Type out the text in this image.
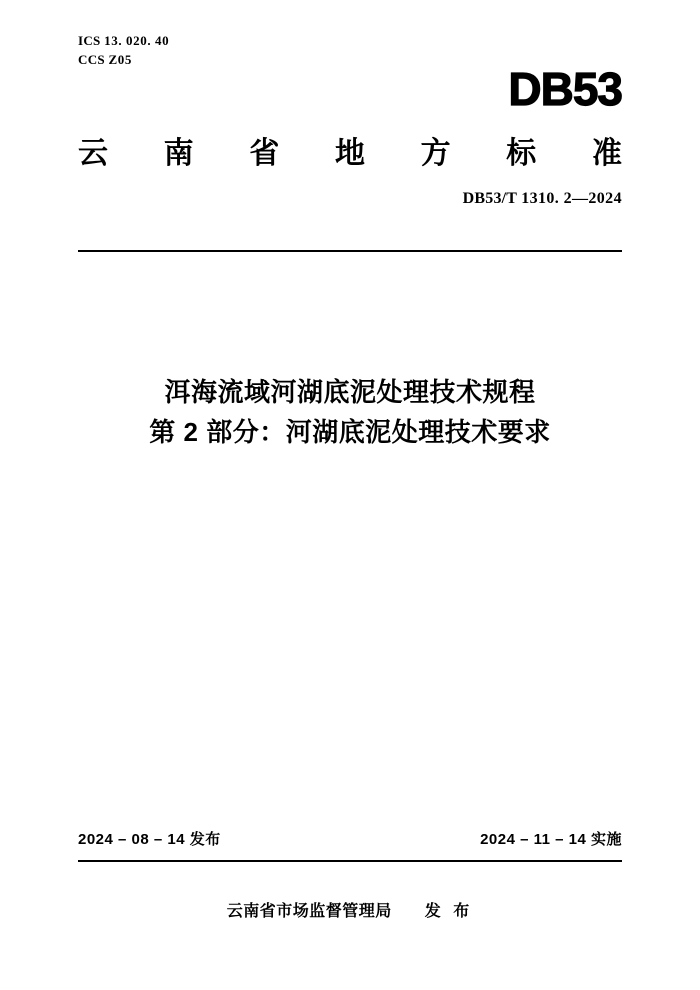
ICS 13. 020. 40
CCS Z05
DB53
云 南 省 地 方 标 准
DB53/T 1310. 2—2024
洱海流域河湖底泥处理技术规程
第 2 部分：河湖底泥处理技术要求
2024 – 08 – 14 发布	2024 – 11 – 14 实施
云南省市场监督管理局 发 布
